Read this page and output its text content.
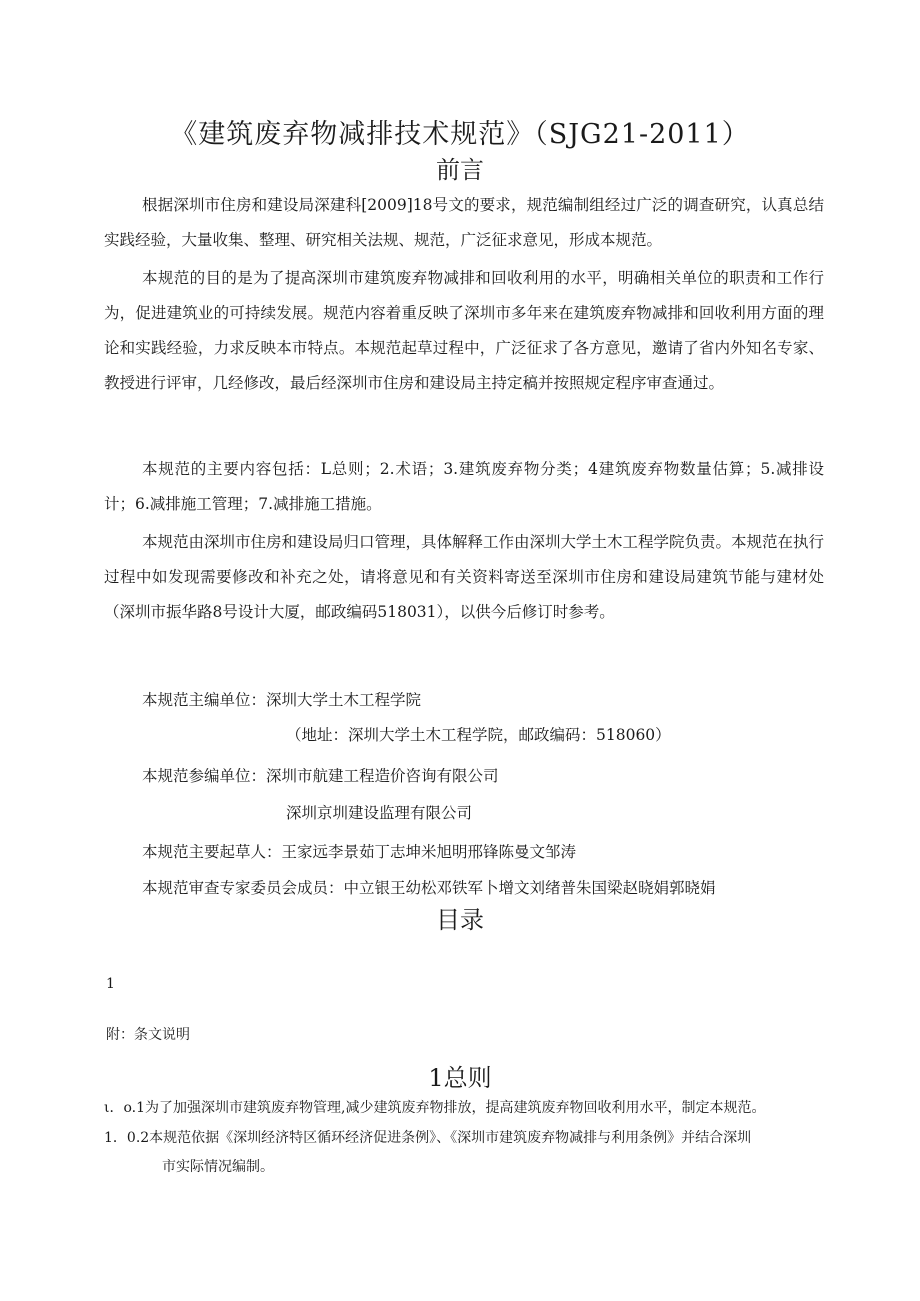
《建筑废弃物减排技术规范》（SJG21-2011）
前言
根据深圳市住房和建设局深建科[2009]18号文的要求，规范编制组经过广泛的调查研究，认真总结实践经验，大量收集、整理、研究相关法规、规范，广泛征求意见，形成本规范。
本规范的目的是为了提高深圳市建筑废弃物减排和回收利用的水平，明确相关单位的职责和工作行为，促进建筑业的可持续发展。规范内容着重反映了深圳市多年来在建筑废弃物减排和回收利用方面的理论和实践经验，力求反映本市特点。本规范起草过程中，广泛征求了各方意见，邀请了省内外知名专家、教授进行评审，几经修改，最后经深圳市住房和建设局主持定稿并按照规定程序审查通过。
本规范的主要内容包括：L总则；2.术语；3.建筑废弃物分类；4建筑废弃物数量估算；5.减排设计；6.减排施工管理；7.减排施工措施。
本规范由深圳市住房和建设局归口管理，具体解释工作由深圳大学土木工程学院负责。本规范在执行过程中如发现需要修改和补充之处，请将意见和有关资料寄送至深圳市住房和建设局建筑节能与建材处（深圳市振华路8号设计大厦，邮政编码518031），以供今后修订时参考。
本规范主编单位：深圳大学土木工程学院
（地址：深圳大学土木工程学院，邮政编码：518060）
本规范参编单位：深圳市航建工程造价咨询有限公司
深圳京圳建设监理有限公司
本规范主要起草人：王家远李景茹丁志坤米旭明邢锋陈曼文邹涛
本规范审查专家委员会成员：中立银王幼松邓铁军卜增文刘绪普朱国梁赵晓娟郭晓娟
目录
1
附：条文说明
1总则
ι．o.1为了加强深圳市建筑废弃物管理,减少建筑废弃物排放，提高建筑废弃物回收利用水平，制定本规范。
1．0.2本规范依据《深圳经济特区循环经济促进条例》、《深圳市建筑废弃物减排与利用条例》并结合深圳
市实际情况编制。
